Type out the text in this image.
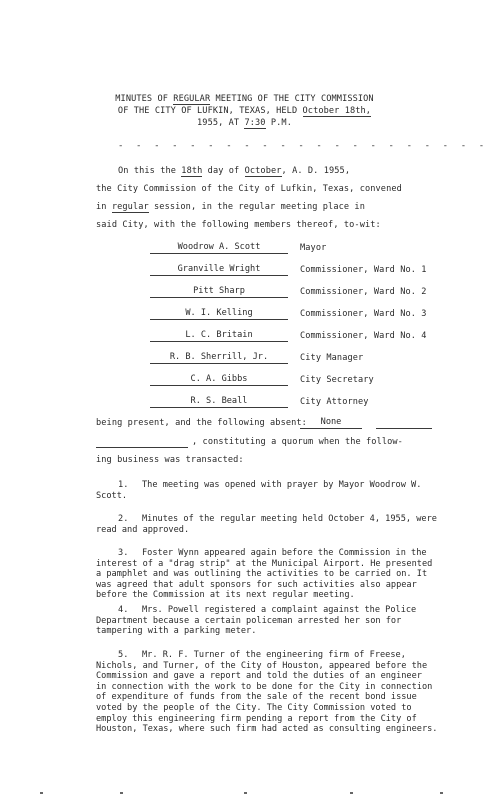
MINUTES OF REGULAR MEETING OF THE CITY COMMISSION
OF THE CITY OF LUFKIN, TEXAS, HELD October 18th,
1955, AT 7:30 P.M.
- - - - - - - - - - - - - - - - - - - - -
On this the 18th day of October, A. D. 1955,
the City Commission of the City of Lufkin, Texas, convened
in regular session, in the regular meeting place in
said City, with the following members thereof, to-wit:
Woodrow A. Scott	Mayor
Granville Wright	Commissioner, Ward No. 1
Pitt Sharp	Commissioner, Ward No. 2
W. I. Kelling	Commissioner, Ward No. 3
L. C. Britain	Commissioner, Ward No. 4
R. B. Sherrill, Jr.	City Manager
C. A. Gibbs	City Secretary
R. S. Beall	City Attorney
being present, and the following absent: None
, constituting a quorum when the follow-
ing business was transacted:
1.	The meeting was opened with prayer by Mayor Woodrow W.
Scott.
2.	Minutes of the regular meeting held October 4, 1955, were
read and approved.
3.	Foster Wynn appeared again before the Commission in the
interest of a "drag strip" at the Municipal Airport. He presented
a pamphlet and was outlining the activities to be carried on. It
was agreed that adult sponsors for such activities also appear
before the Commission at its next regular meeting.
4.	Mrs. Powell registered a complaint against the Police
Department because a certain policeman arrested her son for
tampering with a parking meter.
5.	Mr. R. F. Turner of the engineering firm of Freese,
Nichols, and Turner, of the City of Houston, appeared before the
Commission and gave a report and told the duties of an engineer
in connection with the work to be done for the City in connection
of expenditure of funds from the sale of the recent bond issue
voted by the people of the City. The City Commission voted to
employ this engineering firm pending a report from the City of
Houston, Texas, where such firm had acted as consulting engineers.
